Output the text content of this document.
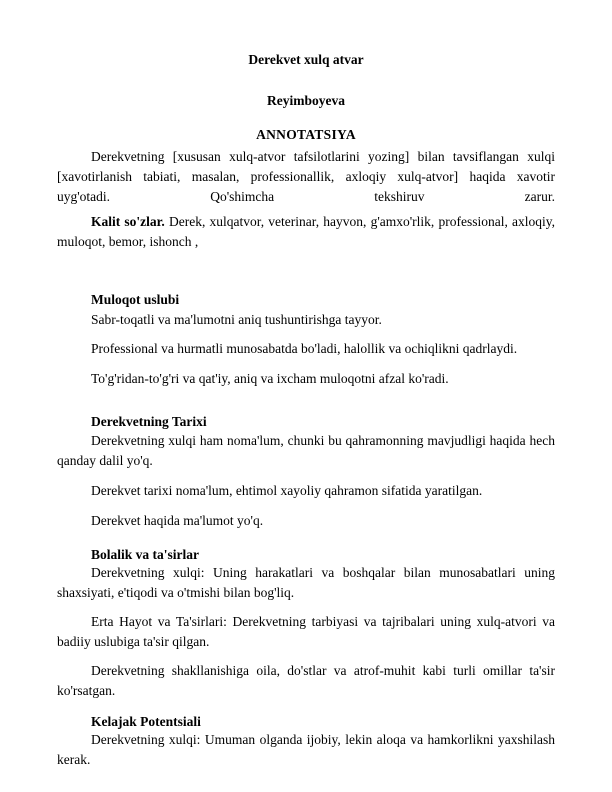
Derekvet xulq atvar
Reyimboyeva
ANNOTATSIYA

Derekvetning [xususan xulq-atvor tafsilotlarini yozing] bilan tavsiflangan xulqi [xavotirlanish tabiati, masalan, professionallik, axloqiy xulq-atvor] haqida xavotir uyg'otadi. Qo'shimcha tekshiruv zarur.

Kalit so'zlar. Derek, xulqatvor, veterinar, hayvon, g'amxo'rlik, professional, axloqiy, muloqot, bemor, ishonch ,

Muloqot uslubi
Sabr-toqatli va ma'lumotni aniq tushuntirishga tayyor.
Professional va hurmatli munosabatda bo'ladi, halollik va ochiqlikni qadrlaydi.
To'g'ridan-to'g'ri va qat'iy, aniq va ixcham muloqotni afzal ko'radi.
Derekvetning Tarixi

Derekvetning xulqi ham noma'lum, chunki bu qahramonning mavjudligi haqida hech qanday dalil yo'q.

Derekvet tarixi noma'lum, ehtimol xayoliy qahramon sifatida yaratilgan.
Derekvet haqida ma'lumot yo'q.
Bolalik va ta'sirlar

Derekvetning xulqi: Uning harakatlari va boshqalar bilan munosabatlari uning shaxsiyati, e'tiqodi va o'tmishi bilan bog'liq.

Erta Hayot va Ta'sirlari: Derekvetning tarbiyasi va tajribalari uning xulq-atvori va badiiy uslubiga ta'sir qilgan.

Derekvetning shakllanishiga oila, do'stlar va atrof-muhit kabi turli omillar ta'sir ko'rsatgan.

Kelajak Potentsiali

Derekvetning xulqi: Umuman olganda ijobiy, lekin aloqa va hamkorlikni yaxshilash kerak.
